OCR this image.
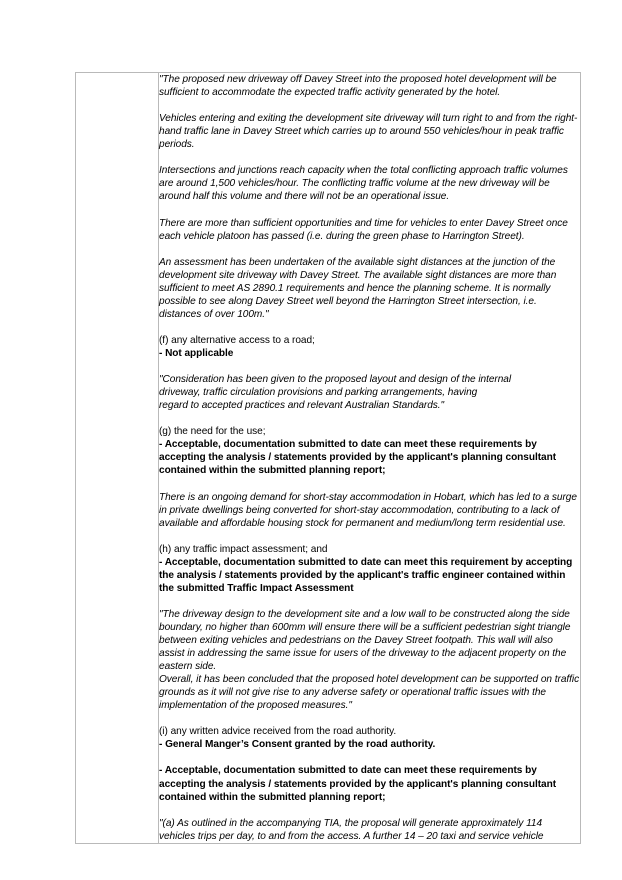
"The proposed new driveway off Davey Street into the proposed hotel development will be sufficient to accommodate the expected traffic activity generated by the hotel.

Vehicles entering and exiting the development site driveway will turn right to and from the right-hand traffic lane in Davey Street which carries up to around 550 vehicles/hour in peak traffic periods.

Intersections and junctions reach capacity when the total conflicting approach traffic volumes are around 1,500 vehicles/hour. The conflicting traffic volume at the new driveway will be around half this volume and there will not be an operational issue.

There are more than sufficient opportunities and time for vehicles to enter Davey Street once each vehicle platoon has passed (i.e. during the green phase to Harrington Street).

An assessment has been undertaken of the available sight distances at the junction of the development site driveway with Davey Street. The available sight distances are more than sufficient to meet AS 2890.1 requirements and hence the planning scheme. It is normally possible to see along Davey Street well beyond the Harrington Street intersection, i.e. distances of over 100m."

(f) any alternative access to a road;

- Not applicable

"Consideration has been given to the proposed layout and design of the internal
driveway, traffic circulation provisions and parking arrangements, having
regard to accepted practices and relevant Australian Standards."

(g) the need for the use;

- Acceptable, documentation submitted to date can meet these requirements by accepting the analysis / statements provided by the applicant's planning consultant contained within the submitted planning report;

There is an ongoing demand for short-stay accommodation in Hobart, which has led to a surge in private dwellings being converted for short-stay accommodation, contributing to a lack of available and affordable housing stock for permanent and medium/long term residential use.

(h) any traffic impact assessment; and

- Acceptable, documentation submitted to date can meet this requirement by accepting the analysis / statements provided by the applicant's traffic engineer contained within the submitted Traffic Impact Assessment

"The driveway design to the development site and a low wall to be constructed along the side boundary, no higher than 600mm will ensure there will be a sufficient pedestrian sight triangle between exiting vehicles and pedestrians on the Davey Street footpath. This wall will also assist in addressing the same issue for users of the driveway to the adjacent property on the eastern side.
Overall, it has been concluded that the proposed hotel development can be supported on traffic grounds as it will not give rise to any adverse safety or operational traffic issues with the implementation of the proposed measures."

(i) any written advice received from the road authority.

- General Manger’s Consent granted by the road authority.

- Acceptable, documentation submitted to date can meet these requirements by accepting the analysis / statements provided by the applicant's planning consultant contained within the submitted planning report;

"(a) As outlined in the accompanying TIA, the proposal will generate approximately 114 vehicles trips per day, to and from the access. A further 14 – 20 taxi and service vehicle
